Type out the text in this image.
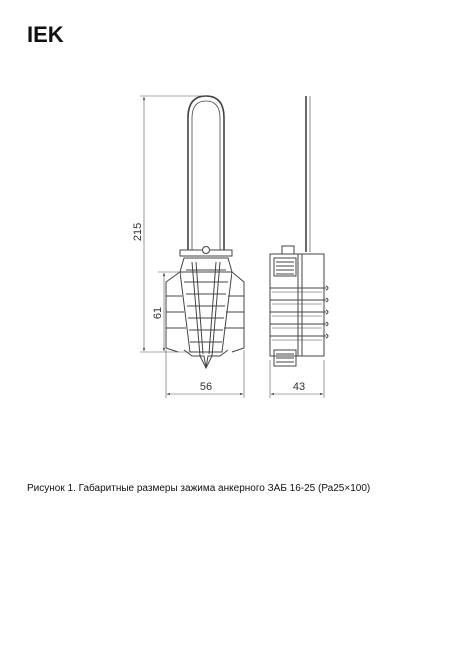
IEK
215
61
56	43
Рисунок 1. Габаритные размеры зажима анкерного ЗАБ 16-25 (Ра25×100)
